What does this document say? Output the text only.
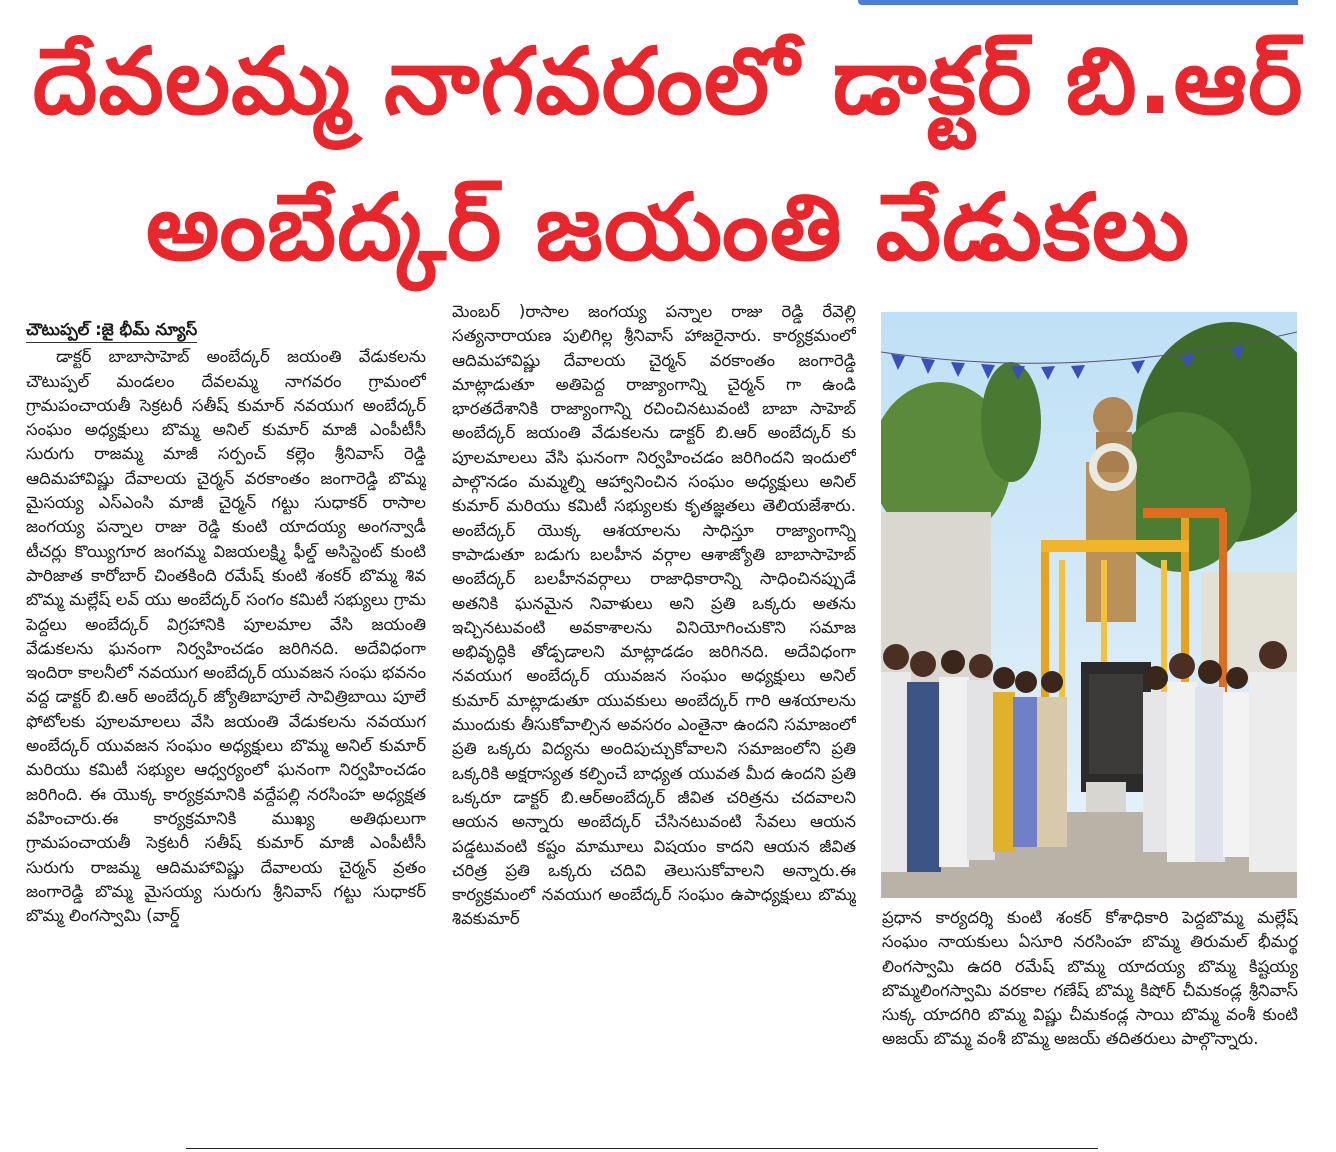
దేవలమ్మ నాగవరంలో డాక్టర్ బి.ఆర్
అంబేద్కర్ జయంతి వేడుకలు
చౌటుప్పల్ :జై భీమ్ న్యూస్

డాక్టర్ బాబాసాహెబ్ అంబేద్కర్ జయంతి వేడుకలను చౌటుప్పల్ మండలం దేవలమ్మ నాగవరం గ్రామంలో గ్రామపంచాయతీ సెక్రటరీ సతీష్ కుమార్ నవయుగ అంబేద్కర్ సంఘం అధ్యక్షులు బొమ్మ అనిల్ కుమార్ మాజీ ఎంపీటీసీ సురుగు రాజమ్మ మాజీ సర్పంచ్ కల్లెం శ్రీనివాస్ రెడ్డి ఆదిమహావిష్ణు దేవాలయ చైర్మన్ వరకాంతం జంగారెడ్డి బొమ్మ మైసయ్య ఎస్ఎంసి మాజీ చైర్మన్ గట్టు సుధాకర్ రాసాల జంగయ్య పన్నాల రాజు రెడ్డి కుంటి యాదయ్య అంగన్వాడీ టీచర్లు కొయ్యిగూర జంగమ్మ విజయలక్ష్మి ఫీల్డ్ అసిస్టెంట్ కుంటి పారిజాత కారోబార్ చింతకింది రమేష్ కుంటి శంకర్ బొమ్మ శివ బొమ్మ మల్లేష్ లవ్ యు అంబేద్కర్ సంగం కమిటీ సభ్యులు గ్రామ పెద్దలు అంబేద్కర్ విగ్రహానికి పూలమాల వేసి జయంతి వేడుకలను ఘనంగా నిర్వహించడం జరిగినది. అదేవిధంగా ఇందిరా కాలనీలో నవయుగ అంబేద్కర్ యువజన సంఘ భవనం వద్ద డాక్టర్ బి.ఆర్ అంబేద్కర్ జ్యోతిబాపూలే సావిత్రిబాయి పూలే ఫోటోలకు పూలమాలలు వేసి జయంతి వేడుకలను నవయుగ అంబేద్కర్ యువజన సంఘం అధ్యక్షులు బొమ్మ అనిల్ కుమార్ మరియు కమిటీ సభ్యుల ఆధ్వర్యంలో ఘనంగా నిర్వహించడం జరిగింది. ఈ యొక్క కార్యక్రమానికి వద్దేపల్లి నరసింహ అధ్యక్షత వహించారు.ఈ కార్యక్రమానికి ముఖ్య అతిథులుగా గ్రామపంచాయతీ సెక్రటరీ సతీష్ కుమార్ మాజీ ఎంపీటీసీ సురుగు రాజమ్మ ఆదిమహావిష్ణు దేవాలయ చైర్మన్ వ్రతం జంగారెడ్డి బొమ్మ మైసయ్య సురుగు శ్రీనివాస్ గట్టు సుధాకర్ బొమ్మ లింగస్వామి (వార్డ్

మెంబర్ )రాసాల జంగయ్య పన్నాల రాజు రెడ్డి రేవెల్లి సత్యనారాయణ పులిగిల్ల శ్రీనివాస్ హాజరైనారు. కార్యక్రమంలో ఆదిమహావిష్ణు దేవాలయ చైర్మన్ వరకాంతం జంగారెడ్డి మాట్లాడుతూ అతిపెద్ద రాజ్యాంగాన్ని చైర్మన్ గా ఉండి భారతదేశానికి రాజ్యాంగాన్ని రచించినటువంటి బాబా సాహెబ్ అంబేద్కర్ జయంతి వేడుకలను డాక్టర్ బి.ఆర్ అంబేద్కర్ కు పూలమాలలు వేసి ఘనంగా నిర్వహించడం జరిగిందని ఇందులో పాల్గొనడం మమ్మల్ని ఆహ్వానించిన సంఘం అధ్యక్షులు అనిల్ కుమార్ మరియు కమిటీ సభ్యులకు కృతజ్ఞతలు తెలియజేశారు. అంబేద్కర్ యొక్క ఆశయాలను సాధిస్తూ రాజ్యాంగాన్ని కాపాడుతూ బడుగు బలహీన వర్గాల ఆశాజ్యోతి బాబాసాహెబ్ అంబేద్కర్ బలహీనవర్గాలు రాజాధికారాన్ని సాధించినప్పుడే అతనికి ఘనమైన నివాళులు అని ప్రతి ఒక్కరు అతను ఇచ్చినటువంటి అవకాశాలను వినియోగించుకొని సమాజ అభివృద్ధికి తోడ్పడాలని మాట్లాడడం జరిగినది. అదేవిధంగా నవయుగ అంబేద్కర్ యువజన సంఘం అధ్యక్షులు అనిల్ కుమార్ మాట్లాడుతూ యువకులు అంబేద్కర్ గారి ఆశయాలను ముందుకు తీసుకోవాల్సిన అవసరం ఎంతైనా ఉందని సమాజంలో ప్రతి ఒక్కరు విద్యను అందిపుచ్చుకోవాలని సమాజంలోని ప్రతి ఒక్కరికి అక్షరాస్యత కల్పించే బాధ్యత యువత మీద ఉందని ప్రతి ఒక్కరూ డాక్టర్ బి.ఆర్అంబేద్కర్ జీవిత చరిత్రను చదవాలని ఆయన అన్నారు అంబేద్కర్ చేసినటువంటి సేవలు ఆయన పడ్డటువంటి కష్టం మామూలు విషయం కాదని ఆయన జీవిత చరిత్ర ప్రతి ఒక్కరు చదివి తెలుసుకోవాలని అన్నారు.ఈ కార్యక్రమంలో నవయుగ అంబేద్కర్ సంఘం ఉపాధ్యక్షులు బొమ్మ శివకుమార్	ప్రధాన కార్యదర్శి కుంటి శంకర్ కోశాధికారి పెద్దబొమ్మ మల్లేష్ సంఘం నాయకులు ఏసూరి నరసింహ బొమ్మ తిరుమల్ భీమర్థ లింగస్వామి ఉదరి రమేష్ బొమ్మ యాదయ్య బొమ్మ కిష్టయ్య బొమ్మలింగస్వామి వరకాల గణేష్ బొమ్మ కిషోర్ చీమకండ్ల శ్రీనివాస్ సుక్క యాదగిరి బొమ్మ విష్ణు చీమకండ్ల సాయి బొమ్మ వంశీ కుంటి అజయ్ బొమ్మ వంశీ బొమ్మ అజయ్ తదితరులు పాల్గొన్నారు.
